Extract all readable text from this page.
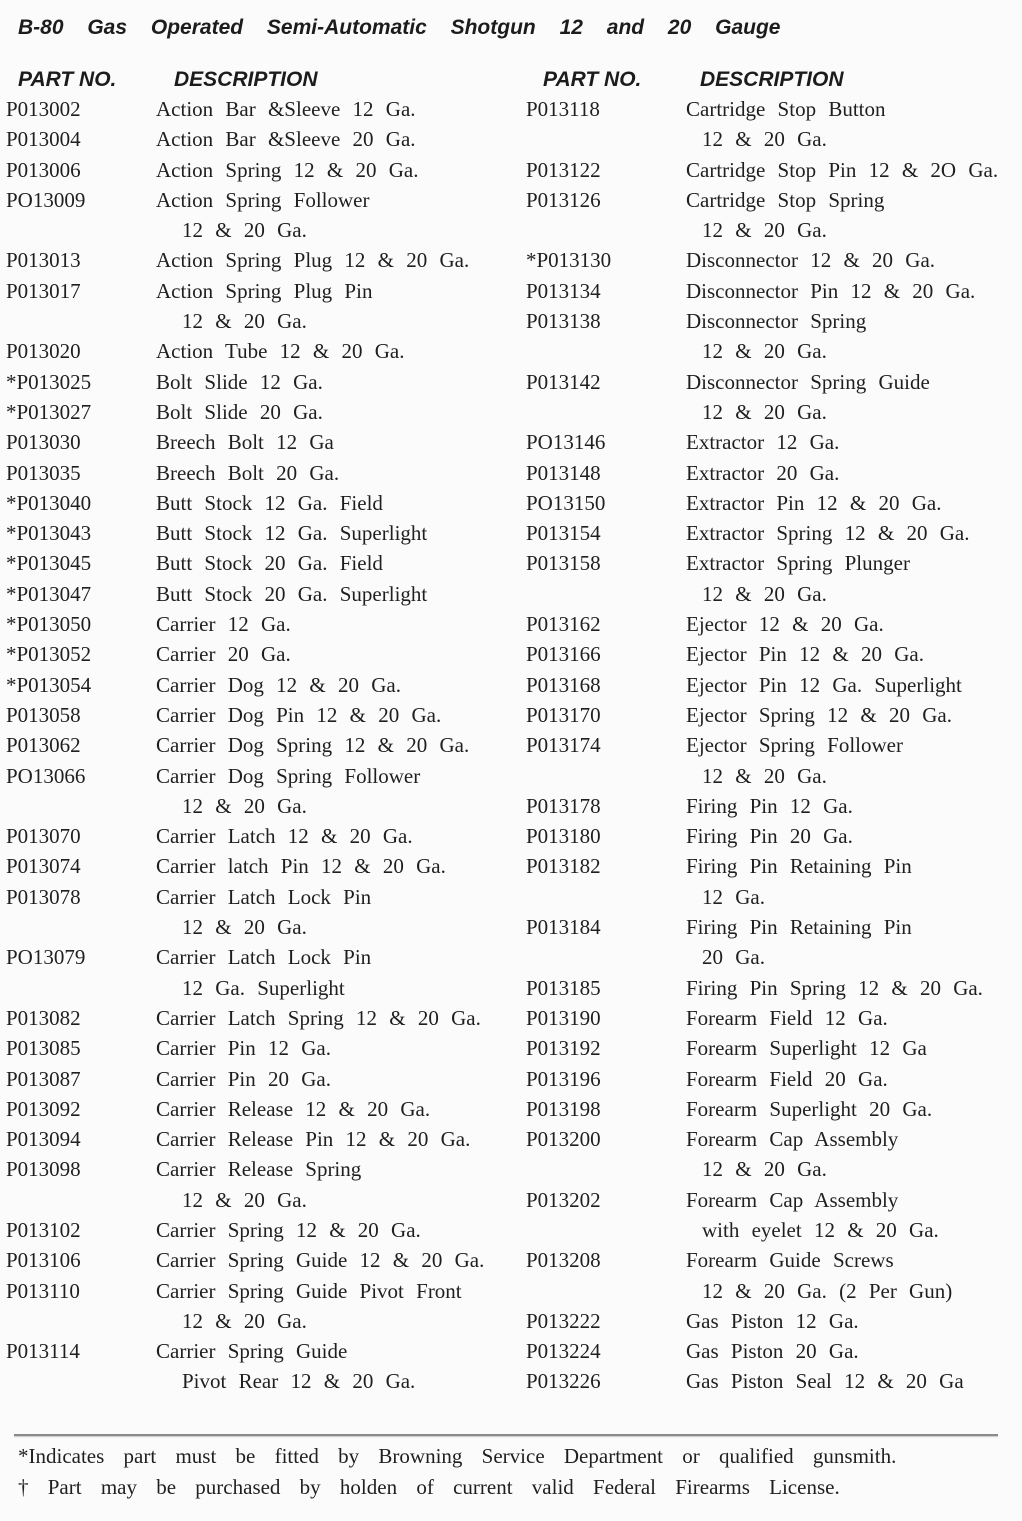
B-80 Gas Operated Semi-Automatic Shotgun 12 and 20 Gauge
PART NO.	DESCRIPTION	PART NO.	DESCRIPTION
P013002	Action Bar &Sleeve 12 Ga.
P013004	Action Bar &Sleeve 20 Ga.
P013006	Action Spring 12 & 20 Ga.
PO13009	Action Spring Follower
12 & 20 Ga.
P013013	Action Spring Plug 12 & 20 Ga.
P013017	Action Spring Plug Pin
12 & 20 Ga.
P013020	Action Tube 12 & 20 Ga.
*P013025	Bolt Slide 12 Ga.
*P013027	Bolt Slide 20 Ga.
P013030	Breech Bolt 12 Ga
P013035	Breech Bolt 20 Ga.
*P013040	Butt Stock 12 Ga. Field
*P013043	Butt Stock 12 Ga. Superlight
*P013045	Butt Stock 20 Ga. Field
*P013047	Butt Stock 20 Ga. Superlight
*P013050	Carrier 12 Ga.
*P013052	Carrier 20 Ga.
*P013054	Carrier Dog 12 & 20 Ga.
P013058	Carrier Dog Pin 12 & 20 Ga.
P013062	Carrier Dog Spring 12 & 20 Ga.
PO13066	Carrier Dog Spring Follower
12 & 20 Ga.
P013070	Carrier Latch 12 & 20 Ga.
P013074	Carrier latch Pin 12 & 20 Ga.
P013078	Carrier Latch Lock Pin
12 & 20 Ga.
PO13079	Carrier Latch Lock Pin
12 Ga. Superlight
P013082	Carrier Latch Spring 12 & 20 Ga.
P013085	Carrier Pin 12 Ga.
P013087	Carrier Pin 20 Ga.
P013092	Carrier Release 12 & 20 Ga.
P013094	Carrier Release Pin 12 & 20 Ga.
P013098	Carrier Release Spring
12 & 20 Ga.
P013102	Carrier Spring 12 & 20 Ga.
P013106	Carrier Spring Guide 12 & 20 Ga.
P013110	Carrier Spring Guide Pivot Front
12 & 20 Ga.
P013114	Carrier Spring Guide
Pivot Rear 12 & 20 Ga.
P013118	Cartridge Stop Button
12 & 20 Ga.
P013122	Cartridge Stop Pin 12 & 2O Ga.
P013126	Cartridge Stop Spring
12 & 20 Ga.
*P013130	Disconnector 12 & 20 Ga.
P013134	Disconnector Pin 12 & 20 Ga.
P013138	Disconnector Spring
12 & 20 Ga.
P013142	Disconnector Spring Guide
12 & 20 Ga.
PO13146	Extractor 12 Ga.
P013148	Extractor 20 Ga.
PO13150	Extractor Pin 12 & 20 Ga.
P013154	Extractor Spring 12 & 20 Ga.
P013158	Extractor Spring Plunger
12 & 20 Ga.
P013162	Ejector 12 & 20 Ga.
P013166	Ejector Pin 12 & 20 Ga.
P013168	Ejector Pin 12 Ga. Superlight
P013170	Ejector Spring 12 & 20 Ga.
P013174	Ejector Spring Follower
12 & 20 Ga.
P013178	Firing Pin 12 Ga.
P013180	Firing Pin 20 Ga.
P013182	Firing Pin Retaining Pin
12 Ga.
P013184	Firing Pin Retaining Pin
20 Ga.
P013185	Firing Pin Spring 12 & 20 Ga.
P013190	Forearm Field 12 Ga.
P013192	Forearm Superlight 12 Ga
P013196	Forearm Field 20 Ga.
P013198	Forearm Superlight 20 Ga.
P013200	Forearm Cap Assembly
12 & 20 Ga.
P013202	Forearm Cap Assembly
with eyelet 12 & 20 Ga.
P013208	Forearm Guide Screws
12 & 20 Ga. (2 Per Gun)
P013222	Gas Piston 12 Ga.
P013224	Gas Piston 20 Ga.
P013226	Gas Piston Seal 12 & 20 Ga
*Indicates part must be fitted by Browning Service Department or qualified gunsmith.
† Part may be purchased by holden of current valid Federal Firearms License.
